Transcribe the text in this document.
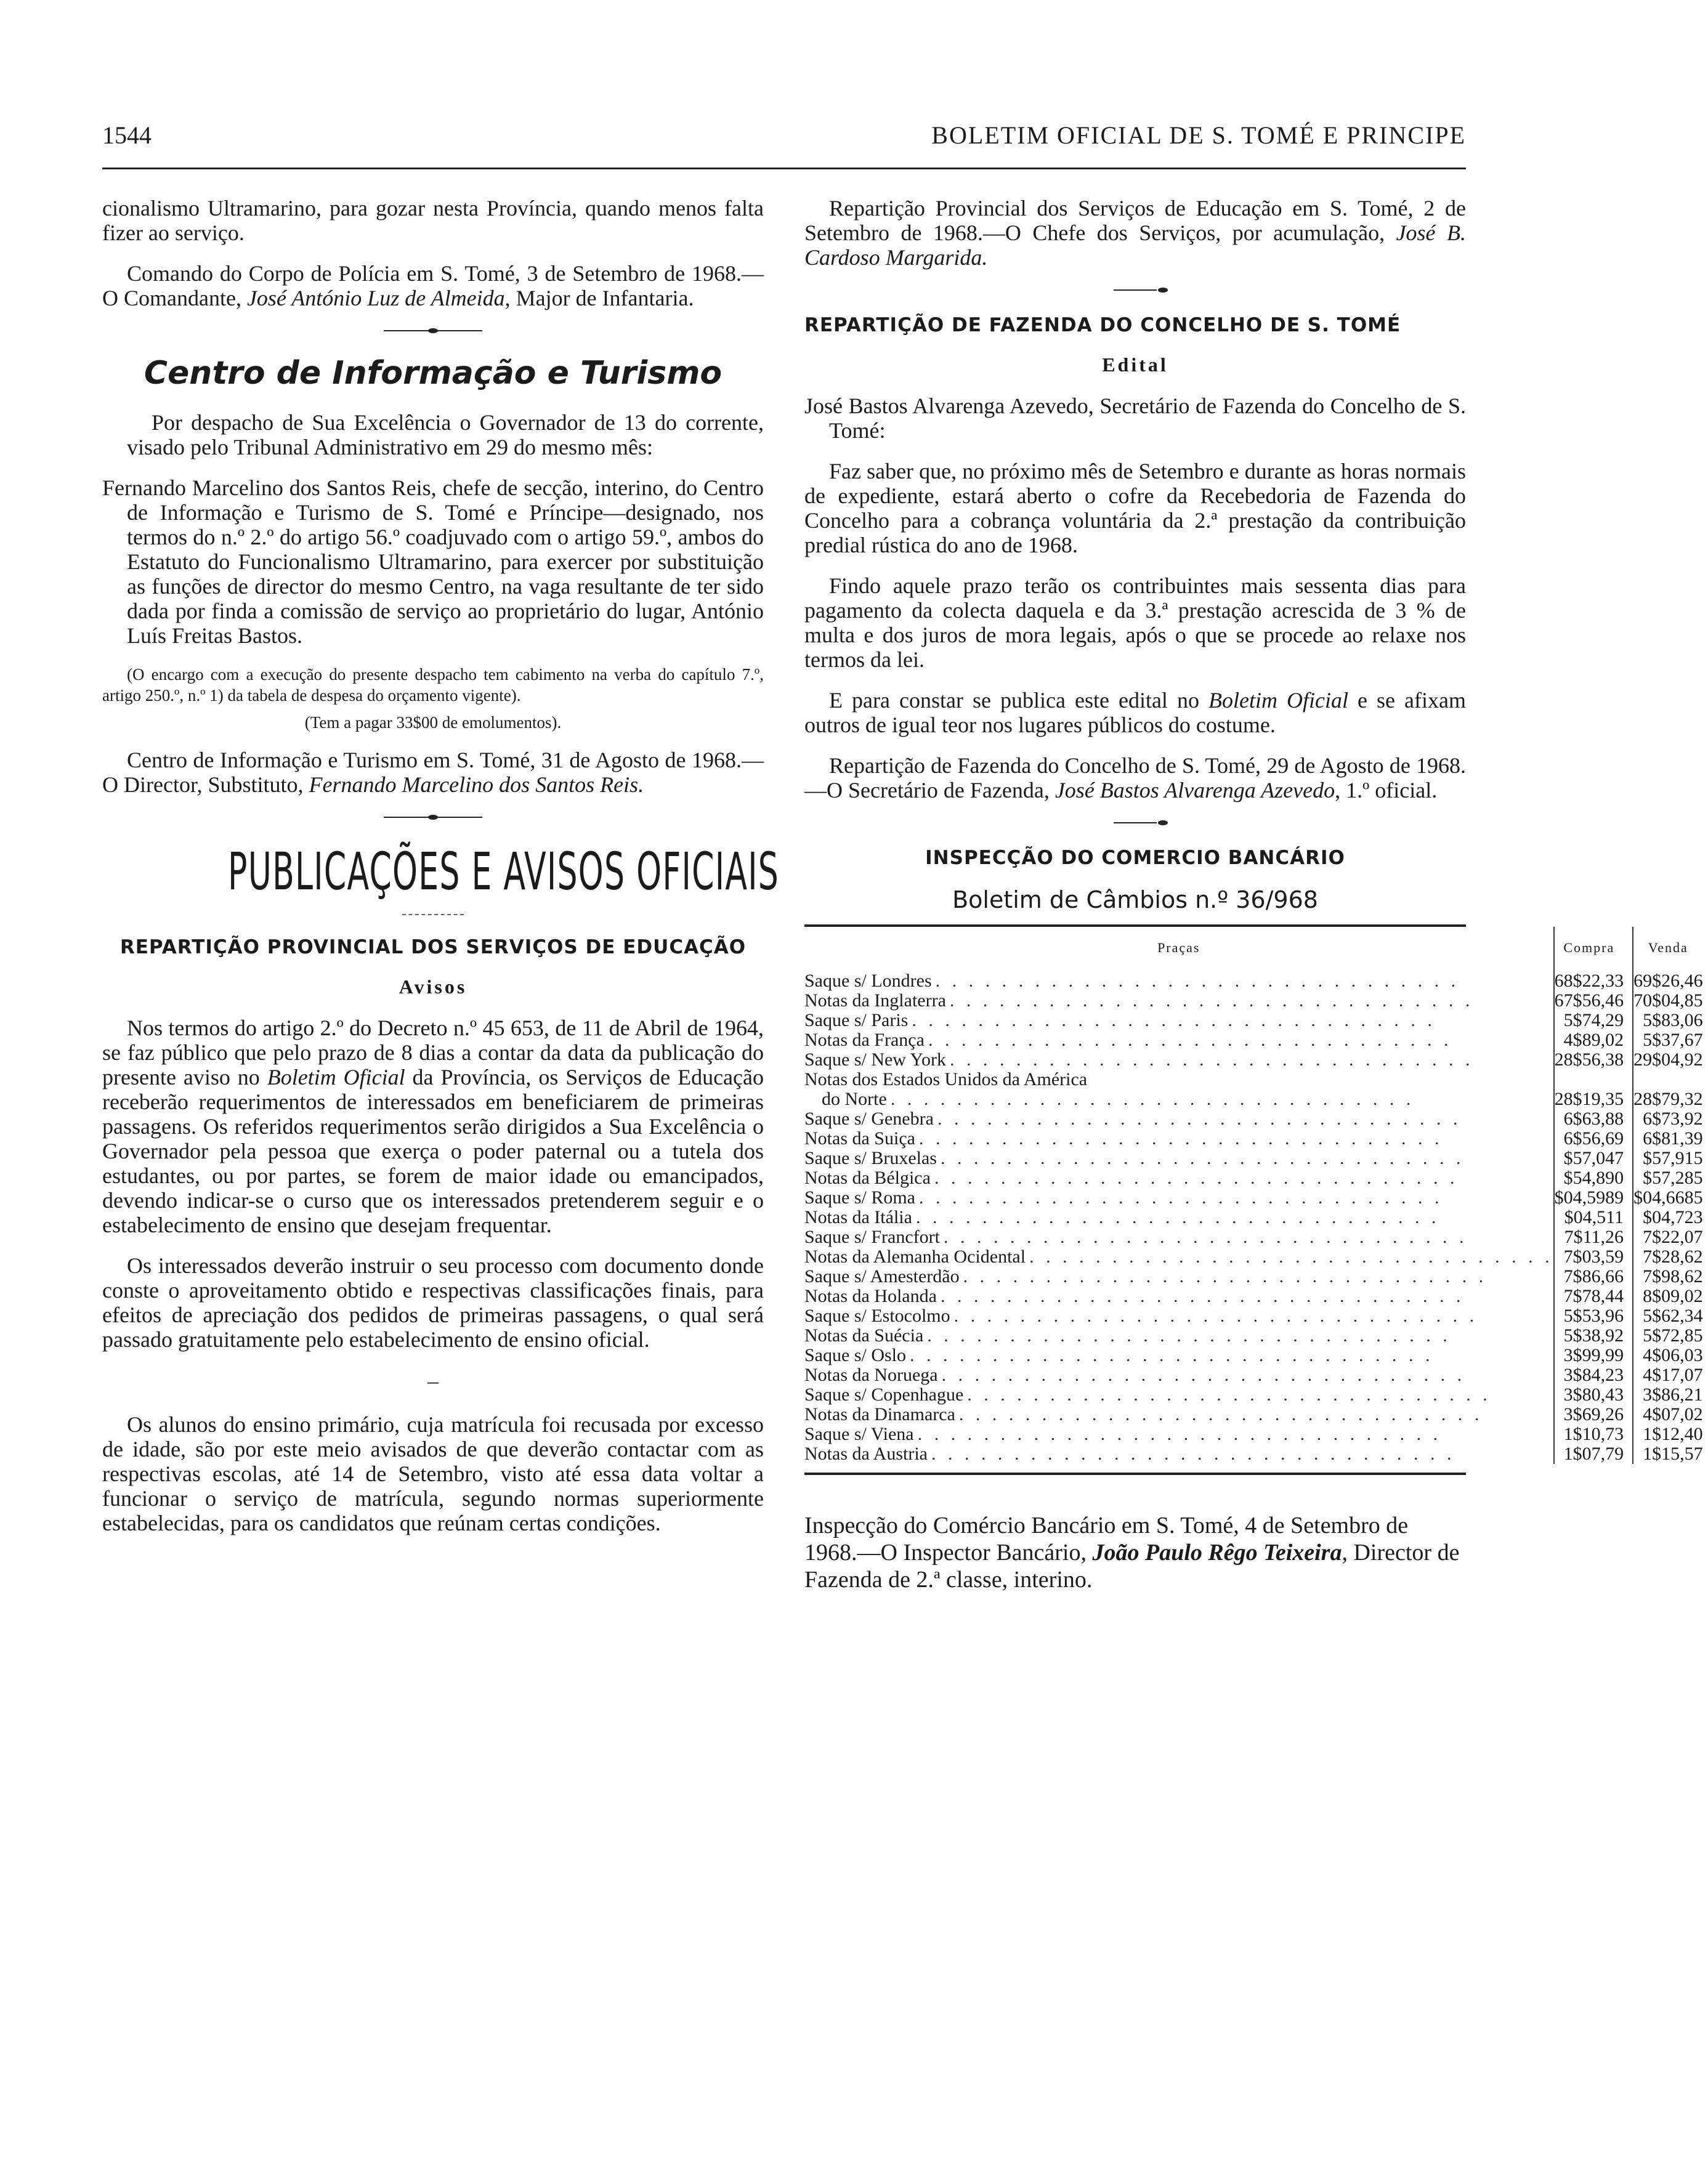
1544	BOLETIM OFICIAL DE S. TOMÉ E PRINCIPE

cionalismo Ultramarino, para gozar nesta Província, quando menos falta fizer ao serviço.

Comando do Corpo de Polícia em S. Tomé, 3 de Setembro de 1968.—O Comandante, José António Luz de Almeida, Major de Infantaria.

Centro de Informação e Turismo

Por despacho de Sua Excelência o Governador de 13 do corrente, visado pelo Tribunal Administrativo em 29 do mesmo mês:

Fernando Marcelino dos Santos Reis, chefe de secção, interino, do Centro de Informação e Turismo de S. Tomé e Príncipe—designado, nos termos do n.º 2.º do artigo 56.º coadjuvado com o artigo 59.º, ambos do Estatuto do Funcionalismo Ultramarino, para exercer por substituição as funções de director do mesmo Centro, na vaga resultante de ter sido dada por finda a comissão de serviço ao proprietário do lugar, António Luís Freitas Bastos.

(O encargo com a execução do presente despacho tem cabimento na verba do capítulo 7.º, artigo 250.º, n.º 1) da tabela de despesa do orçamento vigente).

(Tem a pagar 33$00 de emolumentos).

Centro de Informação e Turismo em S. Tomé, 31 de Agosto de 1968.—O Director, Substituto, Fernando Marcelino dos Santos Reis.

PUBLICAÇÕES E AVISOS OFICIAIS
REPARTIÇÃO PROVINCIAL DOS SERVIÇOS DE EDUCAÇÃO
Avisos

Nos termos do artigo 2.º do Decreto n.º 45 653, de 11 de Abril de 1964, se faz público que pelo prazo de 8 dias a contar da data da publicação do presente aviso no Boletim Oficial da Província, os Serviços de Educação receberão requerimentos de interessados em beneficiarem de primeiras passagens. Os referidos requerimentos serão dirigidos a Sua Excelência o Governador pela pessoa que exerça o poder paternal ou a tutela dos estudantes, ou por partes, se forem de maior idade ou emancipados, devendo indicar-se o curso que os interessados pretenderem seguir e o estabelecimento de ensino que desejam frequentar.

Os interessados deverão instruir o seu processo com documento donde conste o aproveitamento obtido e respectivas classificações finais, para efeitos de apreciação dos pedidos de primeiras passagens, o qual será passado gratuitamente pelo estabelecimento de ensino oficial.

–

Os alunos do ensino primário, cuja matrícula foi recusada por excesso de idade, são por este meio avisados de que deverão contactar com as respectivas escolas, até 14 de Setembro, visto até essa data voltar a funcionar o serviço de matrícula, segundo normas superiormente estabelecidas, para os candidatos que reúnam certas condições.

Repartição Provincial dos Serviços de Educação em S. Tomé, 2 de Setembro de 1968.—O Chefe dos Serviços, por acumulação, José B. Cardoso Margarida.

REPARTIÇÃO DE FAZENDA DO CONCELHO DE S. TOMÉ
Edital

José Bastos Alvarenga Azevedo, Secretário de Fazenda do Concelho de S. Tomé:

Faz saber que, no próximo mês de Setembro e durante as horas normais de expediente, estará aberto o cofre da Recebedoria de Fazenda do Concelho para a cobrança voluntária da 2.ª prestação da contribuição predial rústica do ano de 1968.

Findo aquele prazo terão os contribuintes mais sessenta dias para pagamento da colecta daquela e da 3.ª prestação acrescida de 3 % de multa e dos juros de mora legais, após o que se procede ao relaxe nos termos da lei.

E para constar se publica este edital no Boletim Oficial e se afixam outros de igual teor nos lugares públicos do costume.

Repartição de Fazenda do Concelho de S. Tomé, 29 de Agosto de 1968.—O Secretário de Fazenda, José Bastos Alvarenga Azevedo, 1.º oficial.

INSPECÇÃO DO COMERCIO BANCÁRIO
Boletim de Câmbios n.º 36/968
Praças	Compra	Venda

Saque s/ Londres . . . . . . . . . . . . . . . . . . . . . . . . . . . . . . . .	68$22,33	69$26,46

Notas da Inglaterra . . . . . . . . . . . . . . . . . . . . . . . . . . . . . . . .	67$56,46	70$04,85

Saque s/ Paris . . . . . . . . . . . . . . . . . . . . . . . . . . . . . . . .	5$74,29	5$83,06

Notas da França . . . . . . . . . . . . . . . . . . . . . . . . . . . . . . . .	4$89,02	5$37,67

Saque s/ New York . . . . . . . . . . . . . . . . . . . . . . . . . . . . . . . .	28$56,38	29$04,92

Notas dos Estados Unidos da América		

do Norte . . . . . . . . . . . . . . . . . . . . . . . . . . . . . . . .	28$19,35	28$79,32

Saque s/ Genebra . . . . . . . . . . . . . . . . . . . . . . . . . . . . . . . .	6$63,88	6$73,92

Notas da Suiça . . . . . . . . . . . . . . . . . . . . . . . . . . . . . . . .	6$56,69	6$81,39

Saque s/ Bruxelas . . . . . . . . . . . . . . . . . . . . . . . . . . . . . . . .	$57,047	$57,915

Notas da Bélgica . . . . . . . . . . . . . . . . . . . . . . . . . . . . . . . .	$54,890	$57,285

Saque s/ Roma . . . . . . . . . . . . . . . . . . . . . . . . . . . . . . . .	$04,5989	$04,6685

Notas da Itália . . . . . . . . . . . . . . . . . . . . . . . . . . . . . . . .	$04,511	$04,723

Saque s/ Francfort . . . . . . . . . . . . . . . . . . . . . . . . . . . . . . . .	7$11,26	7$22,07

Notas da Alemanha Ocidental . . . . . . . . . . . . . . . . . . . . . . . . . . . . . . . .	7$03,59	7$28,62

Saque s/ Amesterdão . . . . . . . . . . . . . . . . . . . . . . . . . . . . . . . .	7$86,66	7$98,62

Notas da Holanda . . . . . . . . . . . . . . . . . . . . . . . . . . . . . . . .	7$78,44	8$09,02

Saque s/ Estocolmo . . . . . . . . . . . . . . . . . . . . . . . . . . . . . . . .	5$53,96	5$62,34

Notas da Suécia . . . . . . . . . . . . . . . . . . . . . . . . . . . . . . . .	5$38,92	5$72,85

Saque s/ Oslo . . . . . . . . . . . . . . . . . . . . . . . . . . . . . . . .	3$99,99	4$06,03

Notas da Noruega . . . . . . . . . . . . . . . . . . . . . . . . . . . . . . . .	3$84,23	4$17,07

Saque s/ Copenhague . . . . . . . . . . . . . . . . . . . . . . . . . . . . . . . .	3$80,43	3$86,21

Notas da Dinamarca . . . . . . . . . . . . . . . . . . . . . . . . . . . . . . . .	3$69,26	4$07,02

Saque s/ Viena . . . . . . . . . . . . . . . . . . . . . . . . . . . . . . . .	1$10,73	1$12,40

Notas da Austria . . . . . . . . . . . . . . . . . . . . . . . . . . . . . . . .	1$07,79	1$15,57
Inspecção do Comércio Bancário em S. Tomé, 4 de Setembro de 1968.—O Inspector Bancário, João Paulo Rêgo Teixeira, Director de Fazenda de 2.ª classe, interino.
